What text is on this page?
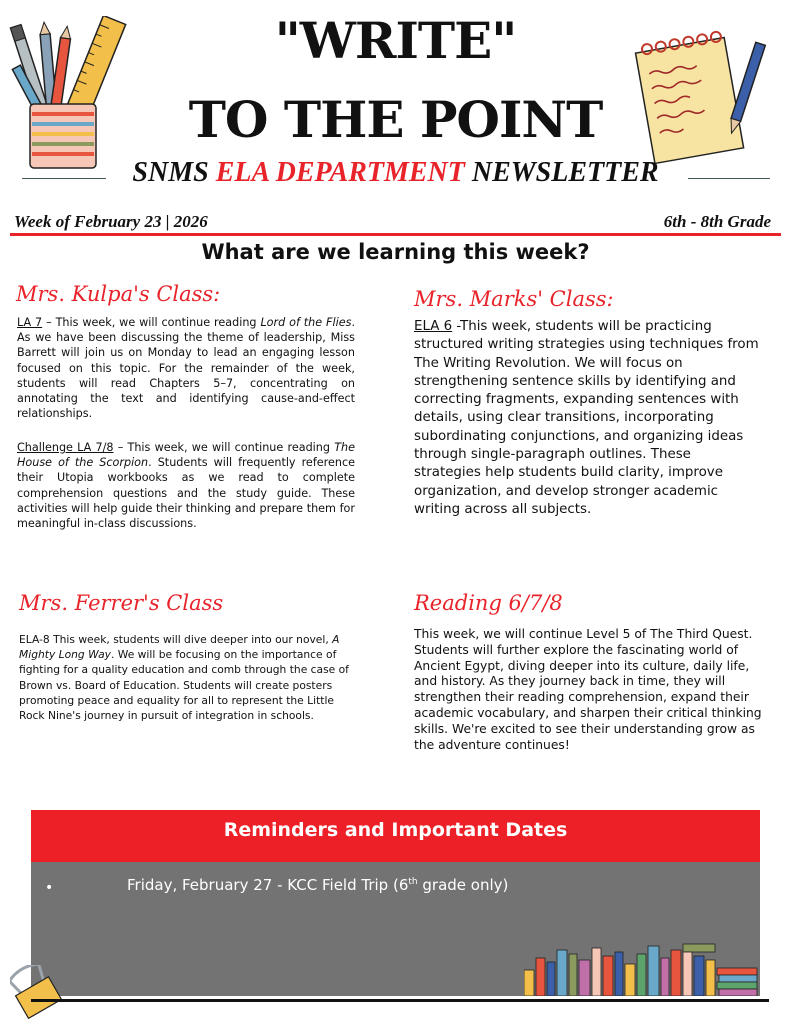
"WRITE"
TO THE POINT
SNMS ELA DEPARTMENT NEWSLETTER
Week of February 23 | 2026	6th - 8th Grade
What are we learning this week?
Mrs. Kulpa's Class:
LA 7 – This week, we will continue reading Lord of the Flies. As we have been discussing the theme of leadership, Miss Barrett will join us on Monday to lead an engaging lesson focused on this topic. For the remainder of the week, students will read Chapters 5–7, concentrating on annotating the text and identifying cause-and-effect relationships.
Challenge LA 7/8 – This week, we will continue reading The House of the Scorpion. Students will frequently reference their Utopia workbooks as we read to complete comprehension questions and the study guide. These activities will help guide their thinking and prepare them for meaningful in-class discussions.
Mrs. Marks' Class:
ELA 6 -This week, students will be practicing structured writing strategies using techniques from The Writing Revolution. We will focus on strengthening sentence skills by identifying and correcting fragments, expanding sentences with details, using clear transitions, incorporating subordinating conjunctions, and organizing ideas through single-paragraph outlines. These strategies help students build clarity, improve organization, and develop stronger academic writing across all subjects.
Mrs. Ferrer's Class
ELA-8 This week, students will dive deeper into our novel, A Mighty Long Way. We will be focusing on the importance of fighting for a quality education and comb through the case of Brown vs. Board of Education. Students will create posters promoting peace and equality for all to represent the Little Rock Nine's journey in pursuit of integration in schools.
Reading 6/7/8
This week, we will continue Level 5 of The Third Quest. Students will further explore the fascinating world of Ancient Egypt, diving deeper into its culture, daily life, and history. As they journey back in time, they will strengthen their reading comprehension, expand their academic vocabulary, and sharpen their critical thinking skills. We're excited to see their understanding grow as the adventure continues!
Reminders and Important Dates
•	Friday, February 27 - KCC Field Trip (6th grade only)
